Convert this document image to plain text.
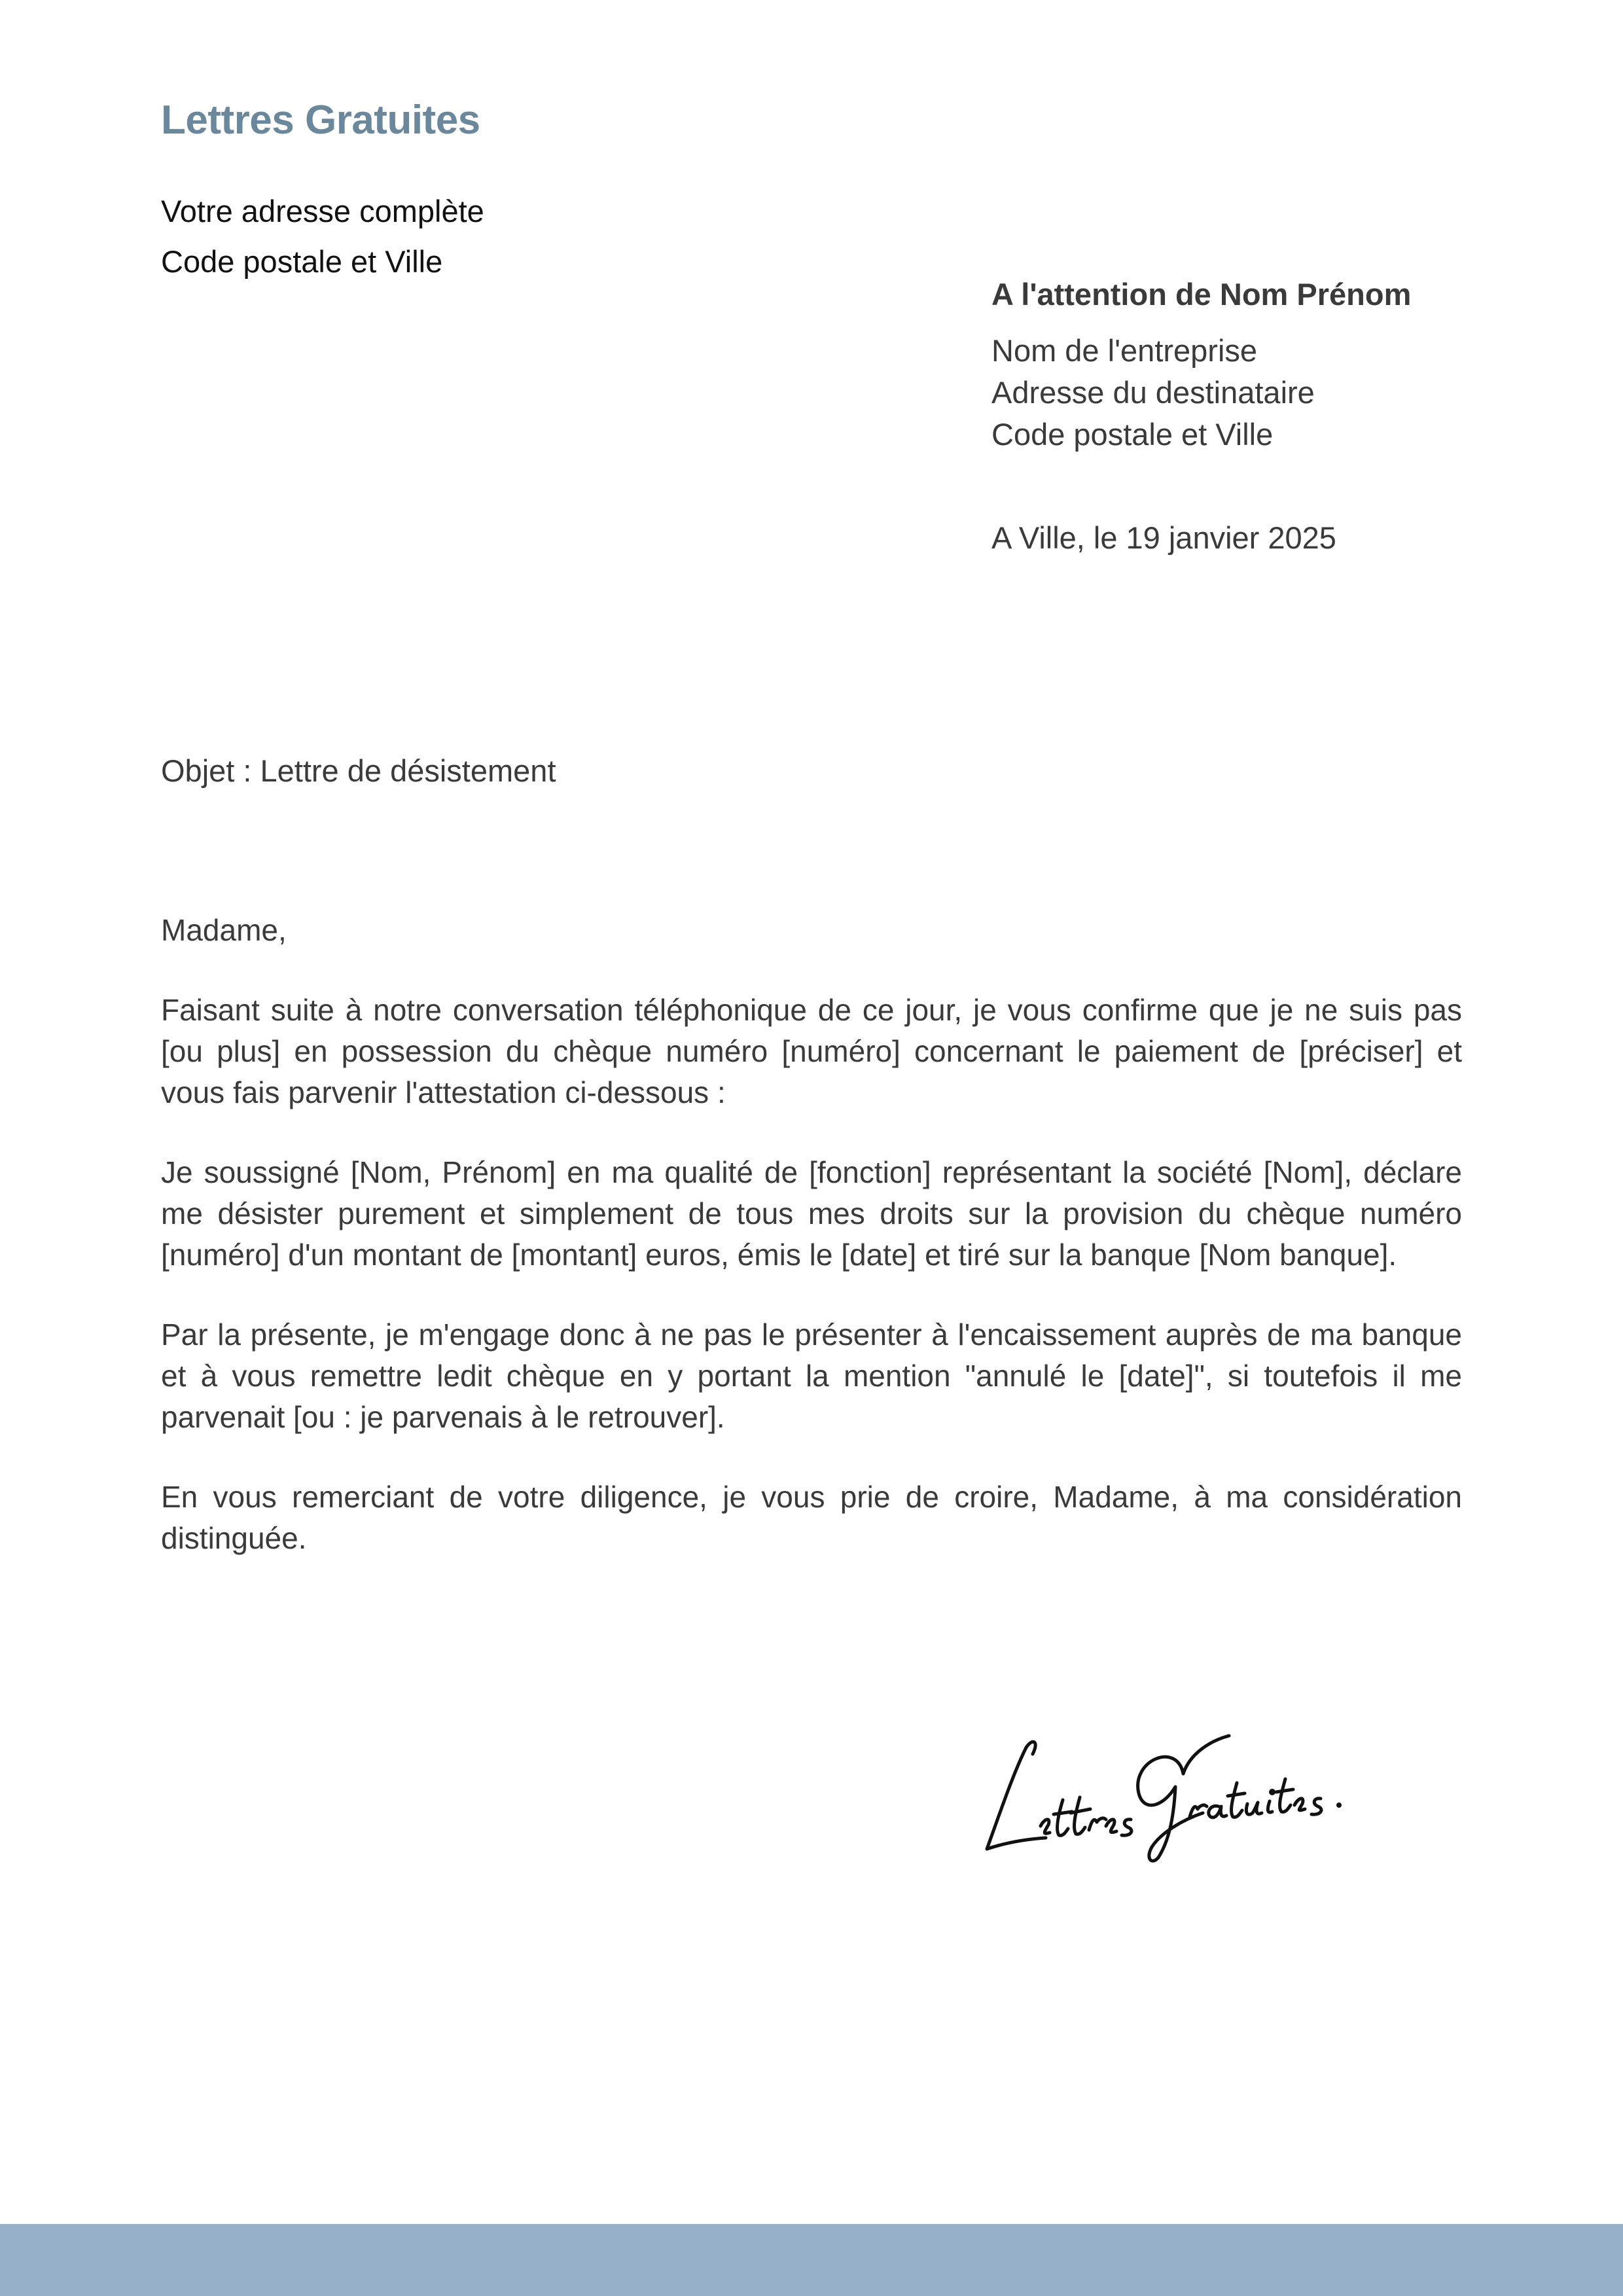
Lettres Gratuites
Votre adresse complète
Code postale et Ville
A l'attention de Nom Prénom
Nom de l'entreprise
Adresse du destinataire
Code postale et Ville
A Ville, le 19 janvier 2025
Objet : Lettre de désistement

Madame,

Faisant suite à notre conversation téléphonique de ce jour, je vous confirme que je ne suis pas [ou plus] en possession du chèque numéro [numéro] concernant le paiement de [préciser] et vous fais parvenir l'attestation ci-dessous :

Je soussigné [Nom, Prénom] en ma qualité de [fonction] représentant la société [Nom], déclare me désister purement et simplement de tous mes droits sur la provision du chèque numéro [numéro] d'un montant de [montant] euros, émis le [date] et tiré sur la banque [Nom banque].

Par la présente, je m'engage donc à ne pas le présenter à l'encaissement auprès de ma banque et à vous remettre ledit chèque en y portant la mention "annulé le [date]", si toutefois il me parvenait [ou : je parvenais à le retrouver].

En vous remerciant de votre diligence, je vous prie de croire, Madame, à ma considération distinguée.
